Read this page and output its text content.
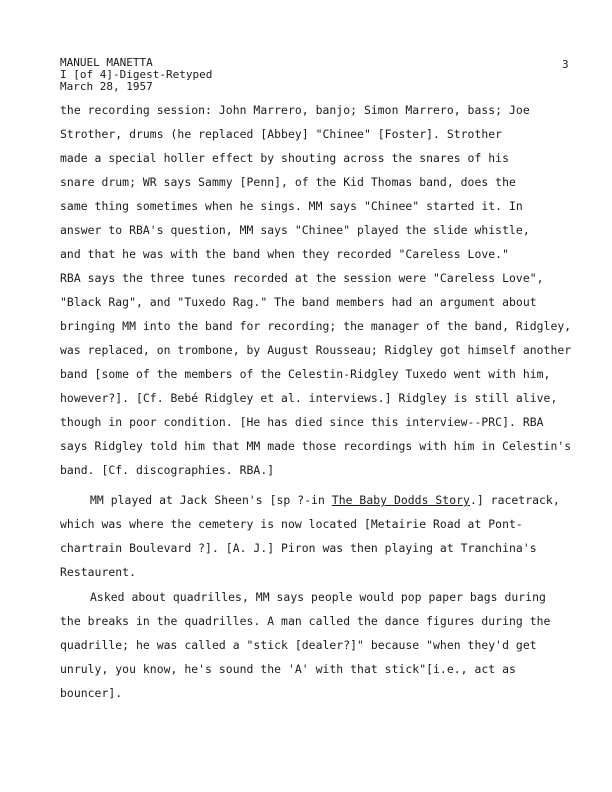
MANUEL MANETTA
I [of 4]-Digest-Retyped
March 28, 1957
3
the recording session: John Marrero, banjo; Simon Marrero, bass; Joe
Strother, drums (he replaced [Abbey] "Chinee" [Foster]. Strother
made a special holler effect by shouting across the snares of his
snare drum; WR says Sammy [Penn], of the Kid Thomas band, does the
same thing sometimes when he sings. MM says "Chinee" started it. In
answer to RBA's question, MM says "Chinee" played the slide whistle,
and that he was with the band when they recorded "Careless Love."
RBA says the three tunes recorded at the session were "Careless Love",
"Black Rag", and "Tuxedo Rag." The band members had an argument about
bringing MM into the band for recording; the manager of the band, Ridgley,
was replaced, on trombone, by August Rousseau; Ridgley got himself another
band [some of the members of the Celestin-Ridgley Tuxedo went with him,
however?]. [Cf. Bebé Ridgley et al. interviews.] Ridgley is still alive,
though in poor condition. [He has died since this interview--PRC]. RBA
says Ridgley told him that MM made those recordings with him in Celestin's
band. [Cf. discographies. RBA.]
MM played at Jack Sheen's [sp ?-in The Baby Dodds Story.] racetrack,
which was where the cemetery is now located [Metairie Road at Pont-
chartrain Boulevard ?]. [A. J.] Piron was then playing at Tranchina's
Restaurent.
Asked about quadrilles, MM says people would pop paper bags during
the breaks in the quadrilles. A man called the dance figures during the
quadrille; he was called a "stick [dealer?]" because "when they'd get
unruly, you know, he's sound the 'A' with that stick"[i.e., act as
bouncer].
